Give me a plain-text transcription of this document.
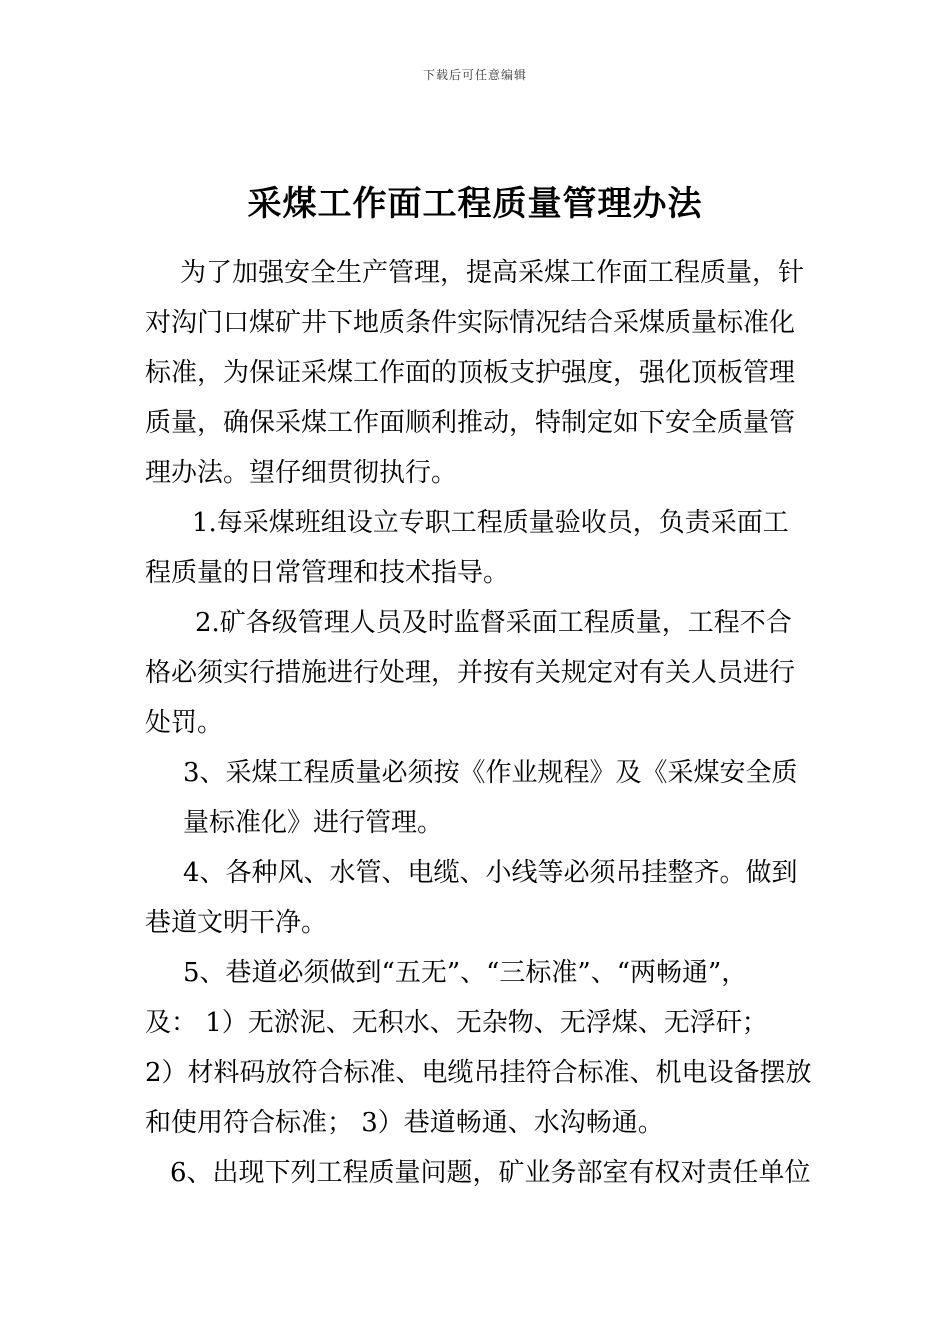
下载后可任意编辑
采煤工作面工程质量管理办法
为了加强安全生产管理，提高采煤工作面工程质量，针
对沟门口煤矿井下地质条件实际情况结合采煤质量标准化
标准，为保证采煤工作面的顶板支护强度，强化顶板管理
质量，确保采煤工作面顺利推动，特制定如下安全质量管
理办法。望仔细贯彻执行。
1.每采煤班组设立专职工程质量验收员，负责采面工
程质量的日常管理和技术指导。
2.矿各级管理人员及时监督采面工程质量，工程不合
格必须实行措施进行处理，并按有关规定对有关人员进行
处罚。
3、采煤工程质量必须按《作业规程》及《采煤安全质
量标准化》进行管理。
4、各种风、水管、电缆、小线等必须吊挂整齐。做到
巷道文明干净。
5、巷道必须做到“五无”、“三标准”、“两畅通”，
及： 1）无淤泥、无积水、无杂物、无浮煤、无浮矸；
2）材料码放符合标准、电缆吊挂符合标准、机电设备摆放
和使用符合标准； 3）巷道畅通、水沟畅通。
6、出现下列工程质量问题，矿业务部室有权对责任单位
